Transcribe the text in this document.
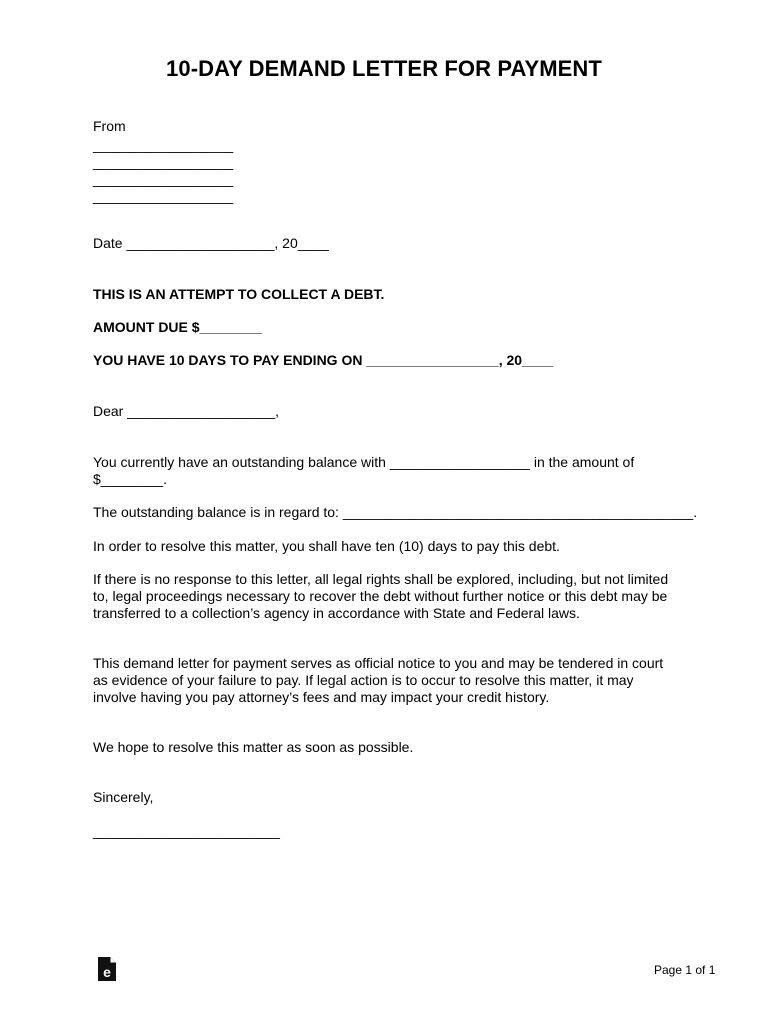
10-DAY DEMAND LETTER FOR PAYMENT
From
__________________
__________________
__________________
__________________
Date ___________________, 20____
THIS IS AN ATTEMPT TO COLLECT A DEBT.
AMOUNT DUE $________
YOU HAVE 10 DAYS TO PAY ENDING ON _________________, 20____
Dear ___________________,
You currently have an outstanding balance with __________________ in the amount of $________.
The outstanding balance is in regard to: _____________________________________________.
In order to resolve this matter, you shall have ten (10) days to pay this debt.
If there is no response to this letter, all legal rights shall be explored, including, but not limited to, legal proceedings necessary to recover the debt without further notice or this debt may be transferred to a collection’s agency in accordance with State and Federal laws.
This demand letter for payment serves as official notice to you and may be tendered in court as evidence of your failure to pay. If legal action is to occur to resolve this matter, it may involve having you pay attorney’s fees and may impact your credit history.
We hope to resolve this matter as soon as possible.
Sincerely,
________________________
e	Page 1 of 1
